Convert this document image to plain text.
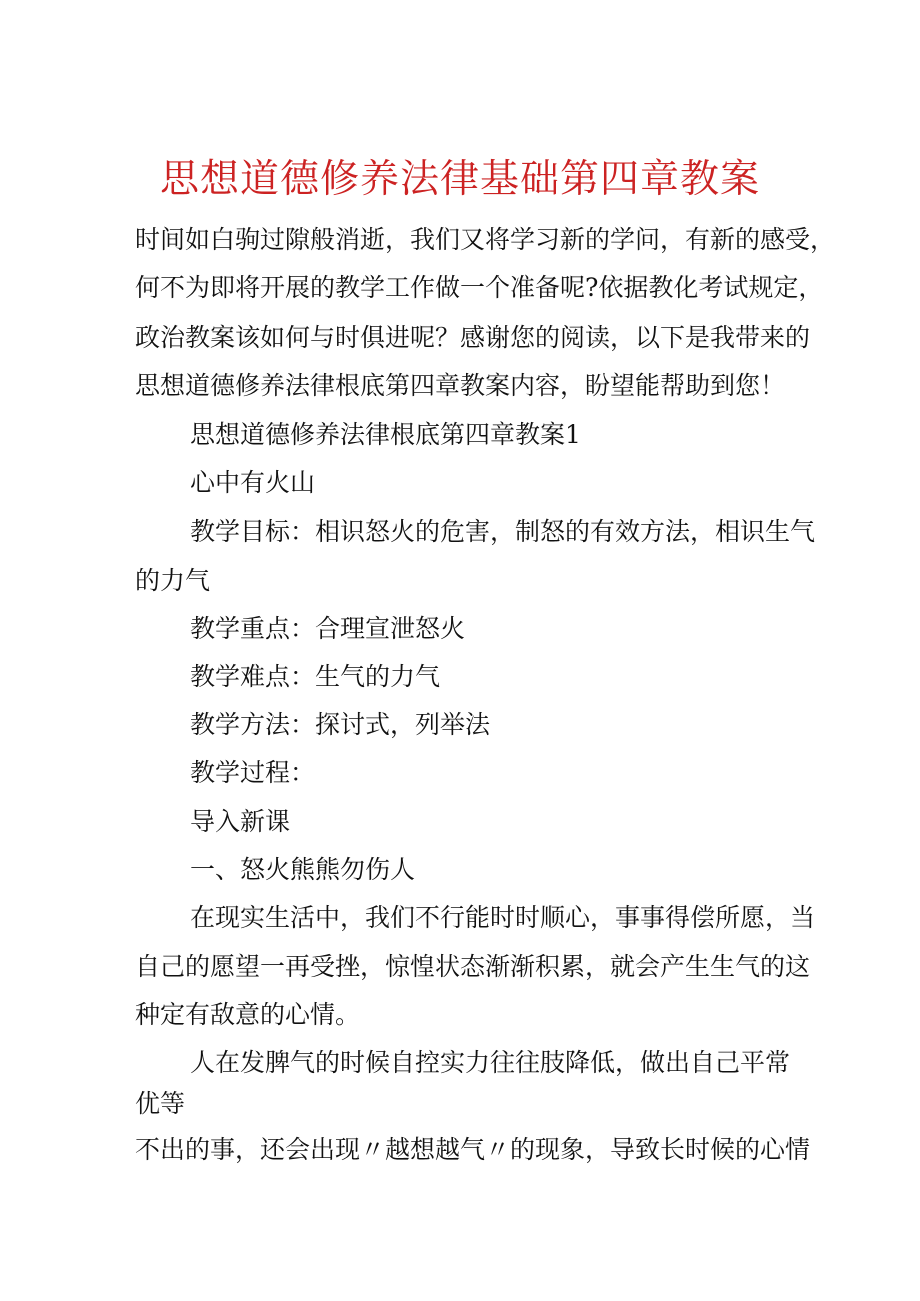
思想道德修养法律基础第四章教案
时间如白驹过隙般消逝，我们又将学习新的学问，有新的感受，
何不为即将开展的教学工作做一个准备呢?依据教化考试规定，
政治教案该如何与时俱进呢？感谢您的阅读，以下是我带来的
思想道德修养法律根底第四章教案内容，盼望能帮助到您！
思想道德修养法律根底第四章教案1
心中有火山
教学目标：相识怒火的危害，制怒的有效方法，相识生气
的力气
教学重点：合理宣泄怒火
教学难点：生气的力气
教学方法：探讨式，列举法
教学过程：
导入新课
一、怒火熊熊勿伤人
在现实生活中，我们不行能时时顺心，事事得偿所愿，当
自己的愿望一再受挫，惊惶状态渐渐积累，就会产生生气的这
种定有敌意的心情。
人在发脾气的时候自控实力往往肢降低，做出自己平常
优等
不出的事，还会出现〃越想越气〃的现象，导致长时候的心情
